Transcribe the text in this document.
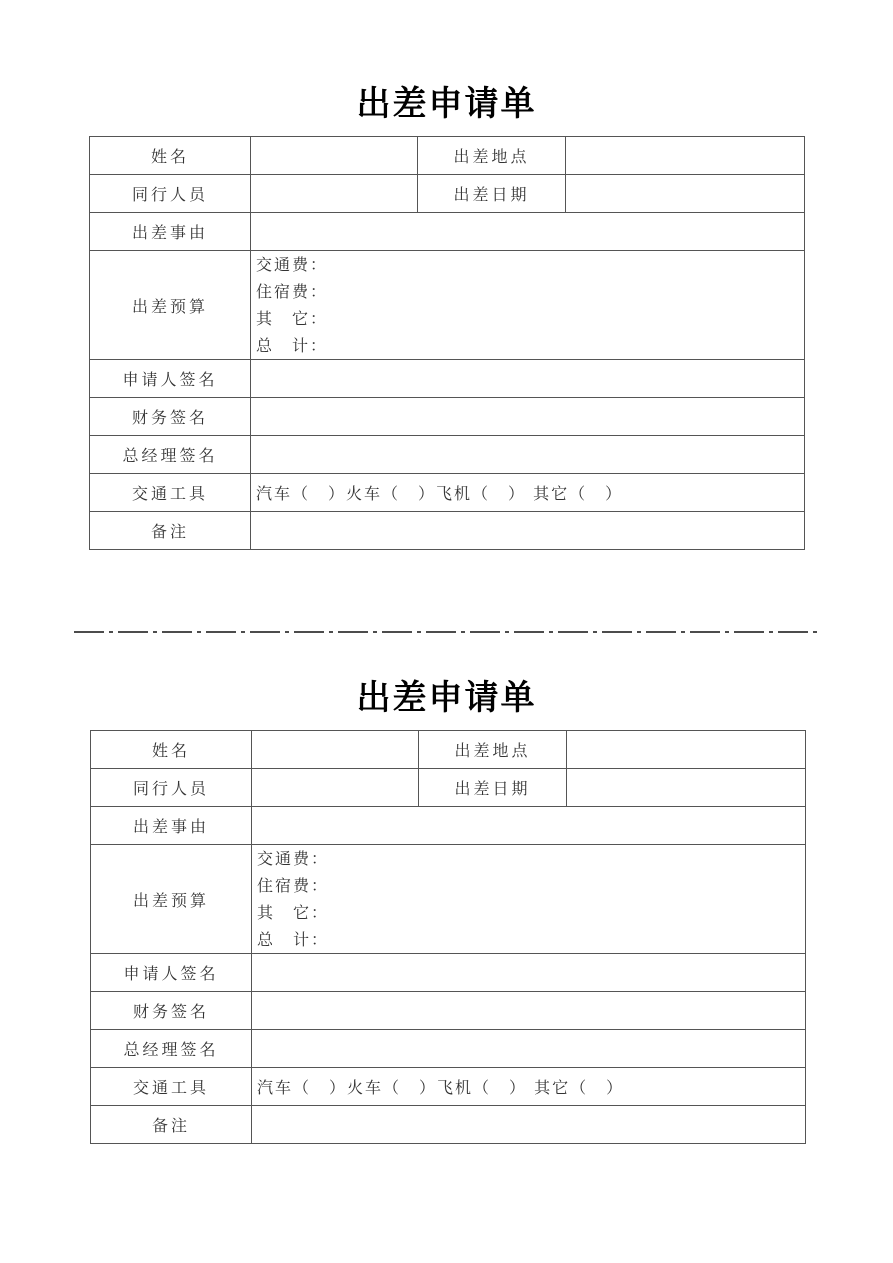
出差申请单
姓名		出差地点	
同行人员		出差日期	
出差事由			
出差预算	交通费：
住宿费：
其　它：
总　计：		

申请人签名			
财务签名			
总经理签名			
交通工具	汽车（　）火车（　）飞机（　） 其它（　）		
备注			
出差申请单
姓名		出差地点	
同行人员		出差日期	
出差事由			
出差预算	交通费：
住宿费：
其　它：
总　计：		

申请人签名			
财务签名			
总经理签名			
交通工具	汽车（　）火车（　）飞机（　） 其它（　）		
备注			
